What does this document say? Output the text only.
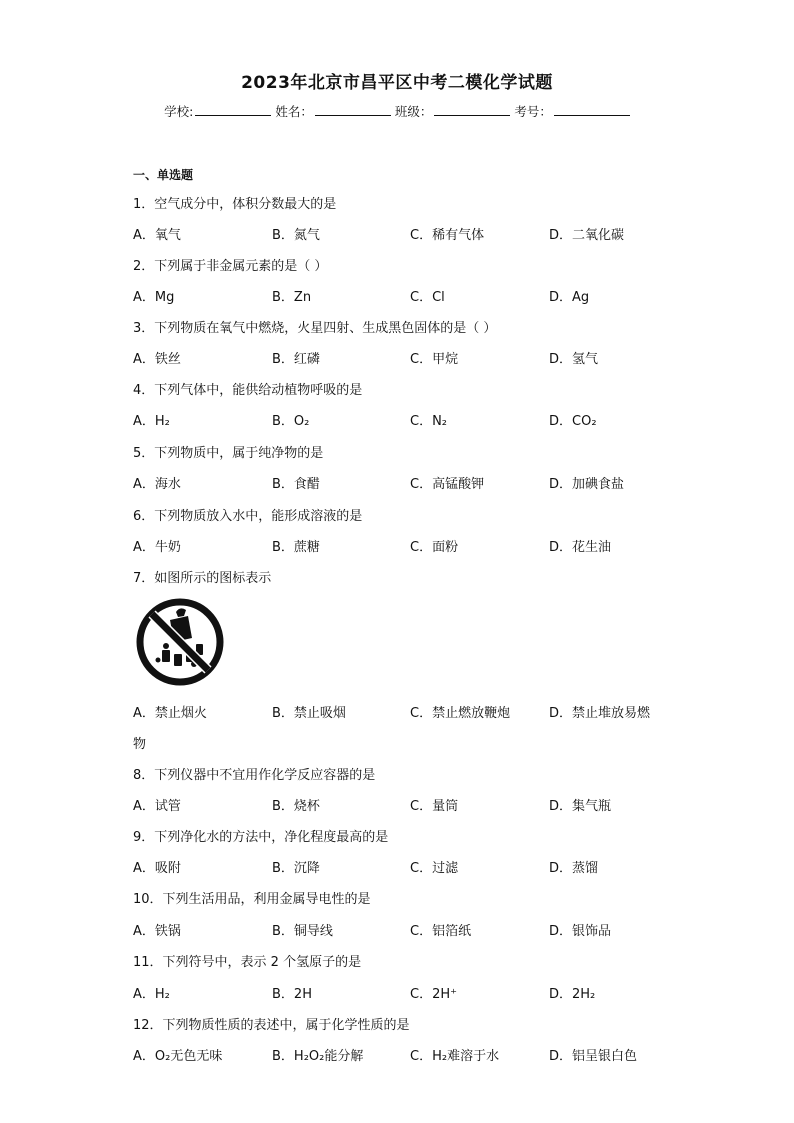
2023年北京市昌平区中考二模化学试题
学校:	姓名：	班级：	考号：
一、单选题
1．空气成分中，体积分数最大的是
A．氧气	B．氮气	C．稀有气体	D．二氧化碳
2．下列属于非金属元素的是（ ）
A．Mg	B．Zn	C．Cl	D．Ag
3．下列物质在氧气中燃烧，火星四射、生成黑色固体的是（ ）
A．铁丝	B．红磷	C．甲烷	D．氢气
4．下列气体中，能供给动植物呼吸的是
A．H₂	B．O₂	C．N₂	D．CO₂
5．下列物质中，属于纯净物的是
A．海水	B．食醋	C．高锰酸钾	D．加碘食盐
6．下列物质放入水中，能形成溶液的是
A．牛奶	B．蔗糖	C．面粉	D．花生油
7．如图所示的图标表示
A．禁止烟火	B．禁止吸烟	C．禁止燃放鞭炮	D．禁止堆放易燃
物
8．下列仪器中不宜用作化学反应容器的是
A．试管	B．烧杯	C．量筒	D．集气瓶
9．下列净化水的方法中，净化程度最高的是
A．吸附	B．沉降	C．过滤	D．蒸馏
10．下列生活用品，利用金属导电性的是
A．铁锅	B．铜导线	C．铝箔纸	D．银饰品
11．下列符号中，表示 2 个氢原子的是
A．H₂	B．2H	C．2H⁺	D．2H₂
12．下列物质性质的表述中，属于化学性质的是
A．O₂无色无味	B．H₂O₂能分解	C．H₂难溶于水	D．铝呈银白色
